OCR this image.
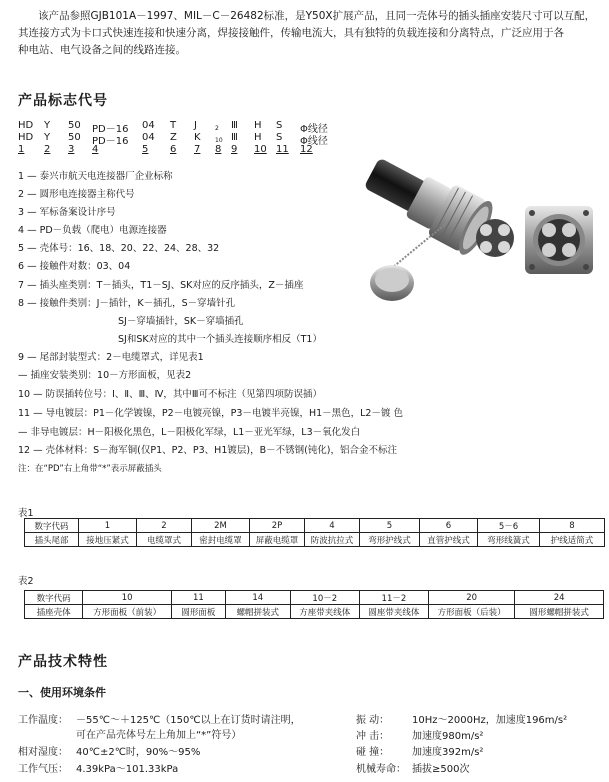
该产品参照GJB101A－1997、MIL－C－26482标准，是Y50X扩展产品，且同一壳体号的插头插座安装尺寸可以互配，

其连接方式为卡口式快速连接和快速分离，焊接接触件，传输电流大，具有独特的负载连接和分离特点，广泛应用于各
种电站、电气设备之间的线路连接。
产品标志代号
HD Y 50 PD－16 04 T J	2 Ⅲ H S Φ线径
HD Y 50 PD－16 04 Z K 10 Ⅲ H S Φ线径
1 2 3 4	5 6 7 8 9 10 11 12
1 — 泰兴市航天电连接器厂企业标称
2 — 圆形电连接器主称代号
3 — 军标备案设计序号
4 — PD－负载（爬电）电源连接器
5 — 壳体号：16、18、20、22、24、28、32
6 — 接触件对数：03、04
7 — 插头座类别：T－插头，T1－SJ、SK对应的反序插头，Z－插座
8 — 接触件类别：J－插针，K－插孔，S－穿墙针孔
SJ－穿墙插针，SK－穿墙插孔
SJ和SK对应的其中一个插头连接顺序相反（T1）
9 — 尾部封装型式：2－电缆罩式，详见表1
— 插座安装类别：10－方形面板，见表2
10 — 防误插转位号：Ⅰ、Ⅱ、Ⅲ、Ⅳ，其中Ⅲ可不标注（见第四项防误插）
11 — 导电镀层：P1－化学镀镍，P2－电镀亮镍，P3－电镀半亮镍，H1－黑色，L2－镀 色
— 非导电镀层：H－阳极化黑色，L－阳极化军绿，L1－亚光军绿，L3－氧化发白
12 — 壳体材料：S－海军铜(仅P1、P2、P3、H1镀层)，B－不锈钢(钝化)，铝合金不标注
注：在“PD”右上角带“*”表示屏蔽插头
表1
数字代码	1	2	2M	2P	4	5	6	5－6	8
插头尾部	接地压紧式	电缆罩式	密封电缆罩	屏蔽电缆罩	防波抗拉式	弯形护线式	直管护线式	弯形线簧式	护线适简式
表2
数字代码	10	11	14	10－2	11－2	20	24
插座壳体	方形面板（前装）	圆形面板	螺帽拼装式	方座带夹线体	圆座带夹线体	方形面板（后装）	圆形螺帽拼装式
产品技术特性
一、使用环境条件
工作温度： －55℃～＋125℃（150℃以上在订货时请注明，
可在产品壳体号左上角加上“*”符号）
相对湿度： 40℃±2℃时，90%～95%
工作气压： 4.39kPa～101.33kPa
振 动： 10Hz～2000Hz，加速度196m/s²
冲 击： 加速度980m/s²
碰 撞： 加速度392m/s²
机械寿命： 插拔≥500次
